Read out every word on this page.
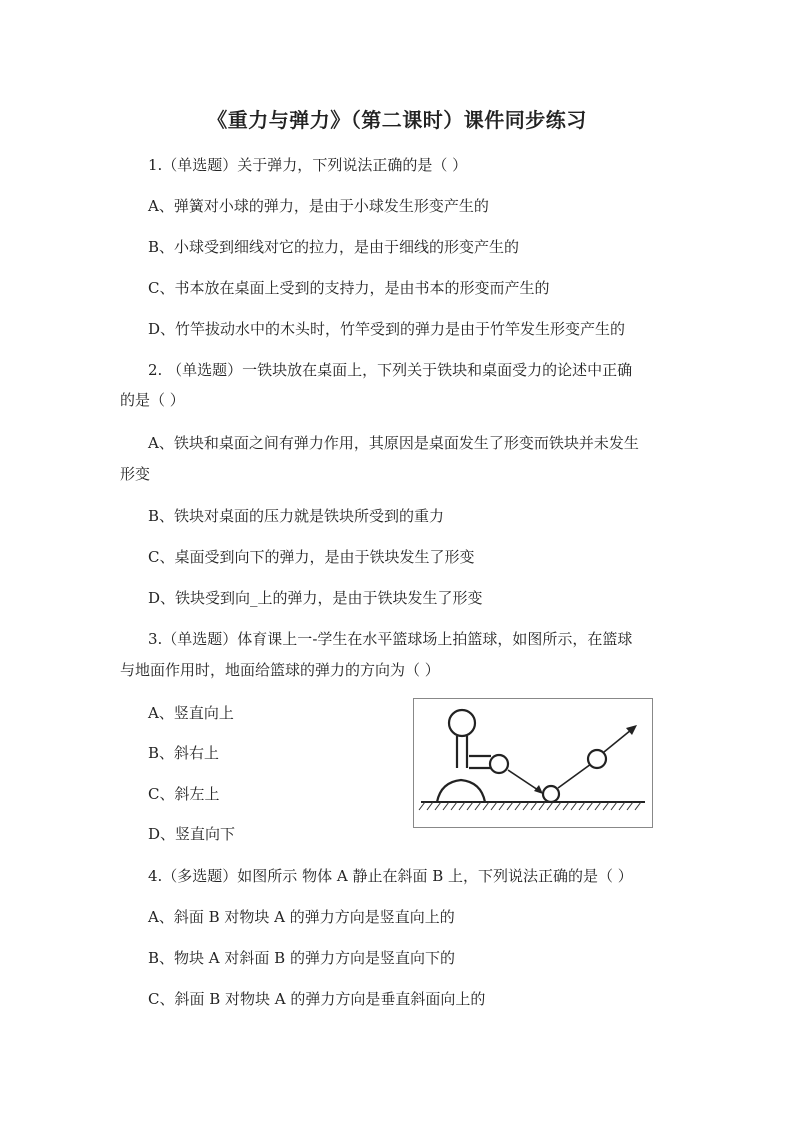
《重力与弹力》（第二课时）课件同步练习
1.（单选题）关于弹力，下列说法正确的是（ ）
A、弹簧对小球的弹力，是由于小球发生形变产生的
B、小球受到细线对它的拉力，是由于细线的形变产生的
C、书本放在桌面上受到的支持力，是由书本的形变而产生的
D、竹竿拔动水中的木头时，竹竿受到的弹力是由于竹竿发生形变产生的
2. （单选题）一铁块放在桌面上，下列关于铁块和桌面受力的论述中正确
的是（ ）
A、铁块和桌面之间有弹力作用，其原因是桌面发生了形变而铁块并未发生
形变
B、铁块对桌面的压力就是铁块所受到的重力
C、桌面受到向下的弹力，是由于铁块发生了形变
D、铁块受到向_上的弹力，是由于铁块发生了形变
3.（单选题）体育课上一-学生在水平篮球场上拍篮球，如图所示，在篮球
与地面作用时，地面给篮球的弹力的方向为（ ）
A、竖直向上
B、斜右上
C、斜左上
D、竖直向下
4.（多选题）如图所示 物体 A 静止在斜面 B 上，下列说法正确的是（ ）
A、斜面 B 对物块 A 的弹力方向是竖直向上的
B、物块 A 对斜面 B 的弹力方向是竖直向下的
C、斜面 B 对物块 A 的弹力方向是垂直斜面向上的
